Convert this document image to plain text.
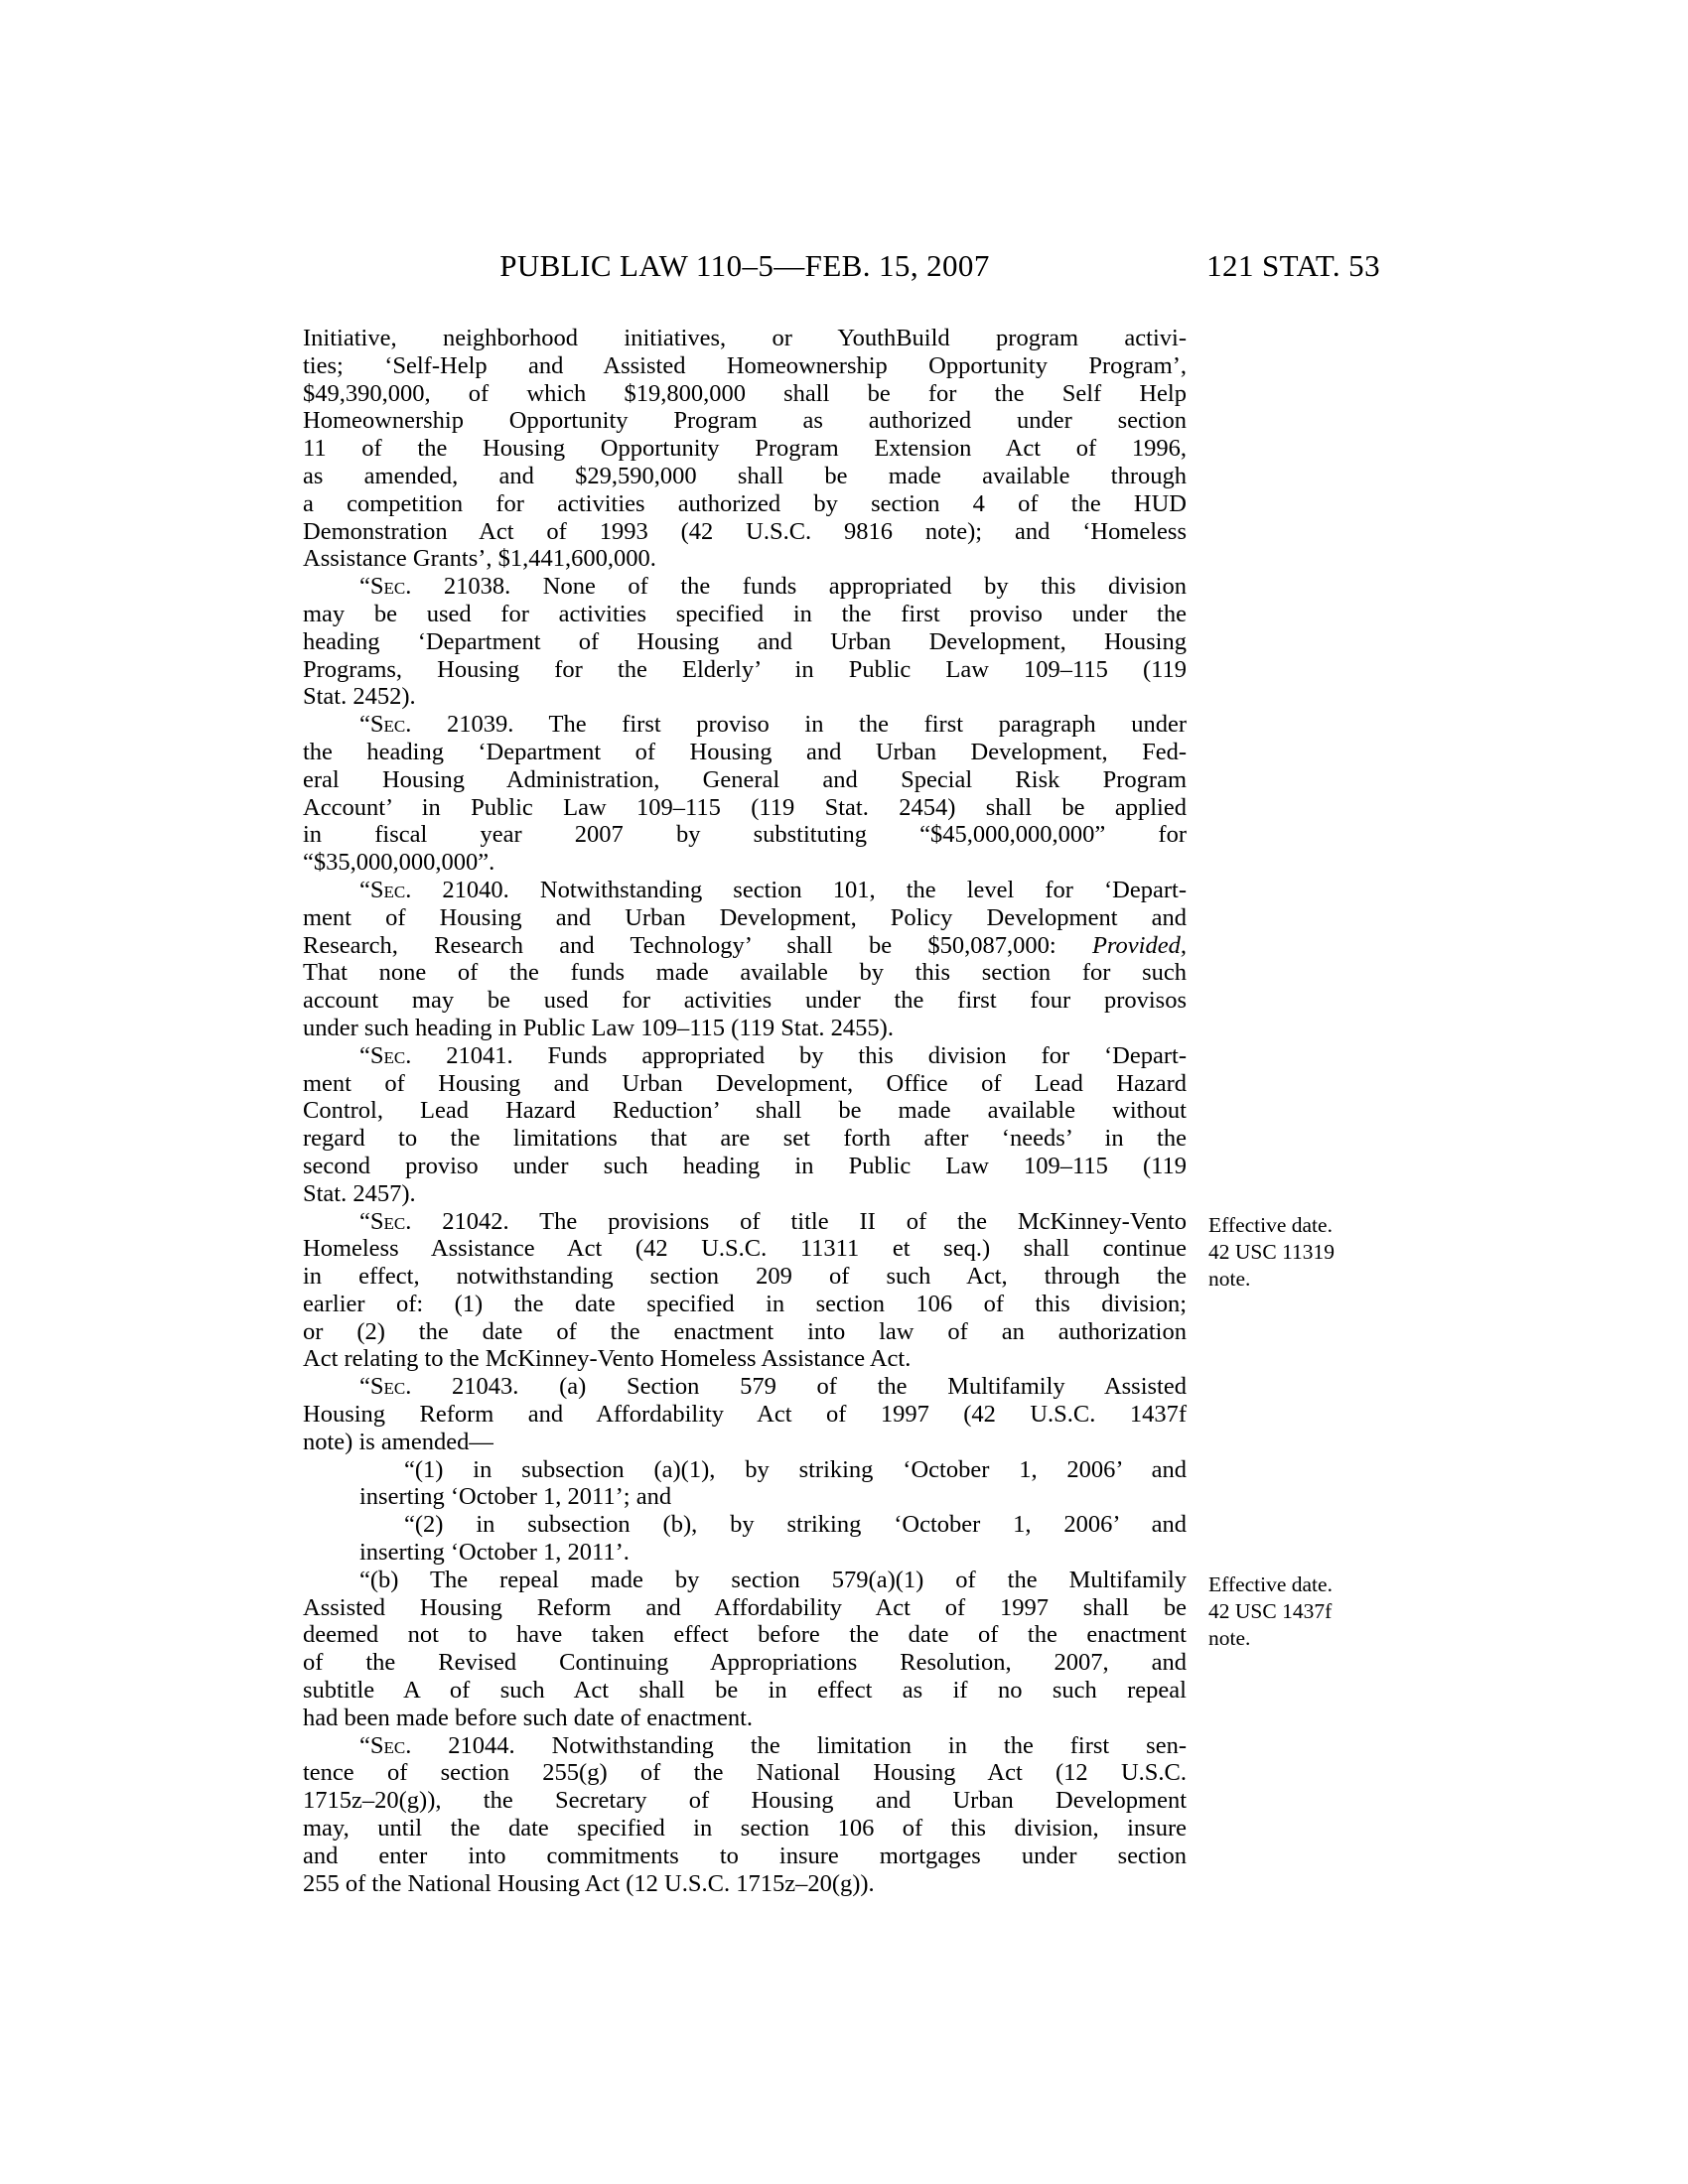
PUBLIC LAW 110–5—FEB. 15, 2007	121 STAT. 53
Initiative, neighborhood initiatives, or YouthBuild program activi-
ties; ‘Self-Help and Assisted Homeownership Opportunity Program’,
$49,390,000, of which $19,800,000 shall be for the Self Help
Homeownership Opportunity Program as authorized under section
11 of the Housing Opportunity Program Extension Act of 1996,
as amended, and $29,590,000 shall be made available through
a competition for activities authorized by section 4 of the HUD
Demonstration Act of 1993 (42 U.S.C. 9816 note); and ‘Homeless
Assistance Grants’, $1,441,600,000.
“Sec. 21038. None of the funds appropriated by this division
may be used for activities specified in the first proviso under the
heading ‘Department of Housing and Urban Development, Housing
Programs, Housing for the Elderly’ in Public Law 109–115 (119
Stat. 2452).
“Sec. 21039. The first proviso in the first paragraph under
the heading ‘Department of Housing and Urban Development, Fed-
eral Housing Administration, General and Special Risk Program
Account’ in Public Law 109–115 (119 Stat. 2454) shall be applied
in fiscal year 2007 by substituting “$45,000,000,000” for
“$35,000,000,000”.
“Sec. 21040. Notwithstanding section 101, the level for ‘Depart-
ment of Housing and Urban Development, Policy Development and
Research, Research and Technology’ shall be $50,087,000: Provided,
That none of the funds made available by this section for such
account may be used for activities under the first four provisos
under such heading in Public Law 109–115 (119 Stat. 2455).
“Sec. 21041. Funds appropriated by this division for ‘Depart-
ment of Housing and Urban Development, Office of Lead Hazard
Control, Lead Hazard Reduction’ shall be made available without
regard to the limitations that are set forth after ‘needs’ in the
second proviso under such heading in Public Law 109–115 (119
Stat. 2457).
“Sec. 21042. The provisions of title II of the McKinney-Vento
Homeless Assistance Act (42 U.S.C. 11311 et seq.) shall continue
in effect, notwithstanding section 209 of such Act, through the
earlier of: (1) the date specified in section 106 of this division;
or (2) the date of the enactment into law of an authorization
Act relating to the McKinney-Vento Homeless Assistance Act.
“Sec. 21043. (a) Section 579 of the Multifamily Assisted
Housing Reform and Affordability Act of 1997 (42 U.S.C. 1437f
note) is amended—
“(1) in subsection (a)(1), by striking ‘October 1, 2006’ and
inserting ‘October 1, 2011’; and
“(2) in subsection (b), by striking ‘October 1, 2006’ and
inserting ‘October 1, 2011’.
“(b) The repeal made by section 579(a)(1) of the Multifamily
Assisted Housing Reform and Affordability Act of 1997 shall be
deemed not to have taken effect before the date of the enactment
of the Revised Continuing Appropriations Resolution, 2007, and
subtitle A of such Act shall be in effect as if no such repeal
had been made before such date of enactment.
“Sec. 21044. Notwithstanding the limitation in the first sen-
tence of section 255(g) of the National Housing Act (12 U.S.C.
1715z–20(g)), the Secretary of Housing and Urban Development
may, until the date specified in section 106 of this division, insure
and enter into commitments to insure mortgages under section
255 of the National Housing Act (12 U.S.C. 1715z–20(g)).
Effective date.
42 USC 11319
note.
Effective date.
42 USC 1437f
note.
